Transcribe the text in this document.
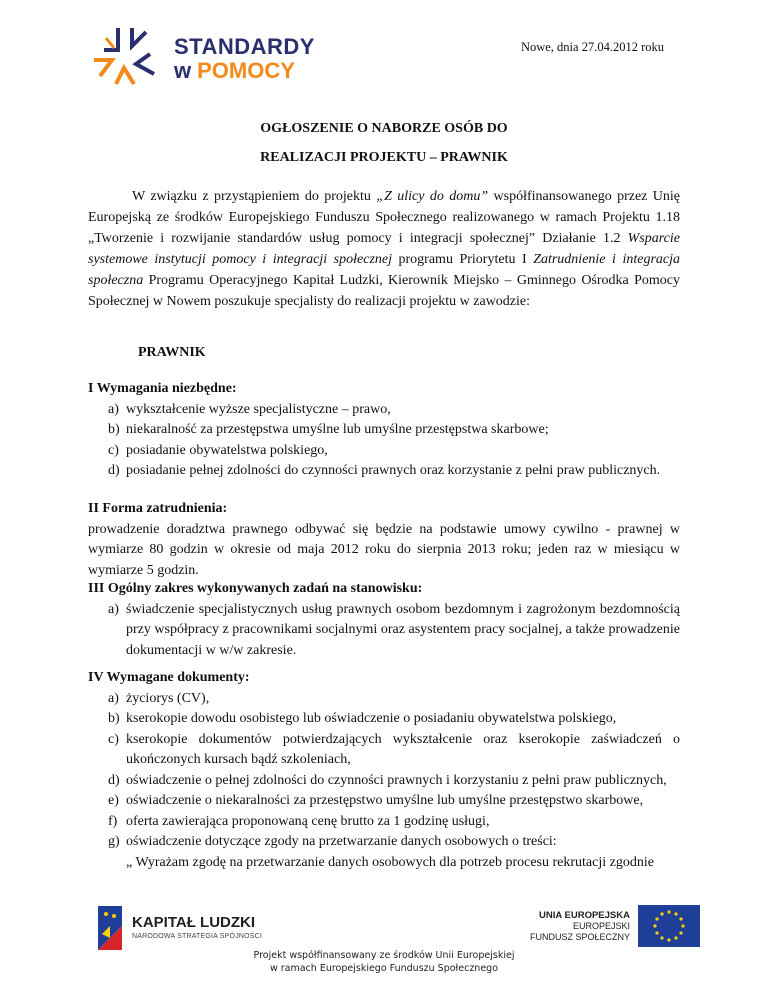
STANDARDY
w POMOCY
Nowe, dnia 27.04.2012 roku
OGŁOSZENIE O NABORZE OSÓB DO
REALIZACJI PROJEKTU – PRAWNIK
W związku z przystąpieniem do projektu „Z ulicy do domu” współfinansowanego przez Unię Europejską ze środków Europejskiego Funduszu Społecznego realizowanego w ramach Projektu 1.18 „Tworzenie i rozwijanie standardów usług pomocy i integracji społecznej” Działanie 1.2 Wsparcie systemowe instytucji pomocy i integracji społecznej programu Priorytetu I Zatrudnienie i integracja społeczna Programu Operacyjnego Kapitał Ludzki, Kierownik Miejsko – Gminnego Ośrodka Pomocy Społecznej w Nowem poszukuje specjalisty do realizacji projektu w zawodzie:
PRAWNIK
I Wymagania niezbędne:
a) wykształcenie wyższe specjalistyczne – prawo,
b) niekaralność za przestępstwa umyślne lub umyślne przestępstwa skarbowe;
c) posiadanie obywatelstwa polskiego,
d) posiadanie pełnej zdolności do czynności prawnych oraz korzystanie z pełni praw publicznych.
II Forma zatrudnienia:

prowadzenie doradztwa prawnego odbywać się będzie na podstawie umowy cywilno - prawnej w wymiarze 80 godzin w okresie od maja 2012 roku do sierpnia 2013 roku; jeden raz w miesiącu w wymiarze 5 godzin.

III Ogólny zakres wykonywanych zadań na stanowisku:
a) świadczenie specjalistycznych usług prawnych osobom bezdomnym i zagrożonym bezdomnością przy współpracy z pracownikami socjalnymi oraz asystentem pracy socjalnej, a także prowadzenie dokumentacji w w/w zakresie.
IV Wymagane dokumenty:
a) życiorys (CV),
b) kserokopie dowodu osobistego lub oświadczenie o posiadaniu obywatelstwa polskiego,
c) kserokopie dokumentów potwierdzających wykształcenie oraz kserokopie zaświadczeń o ukończonych kursach bądź szkoleniach,
d) oświadczenie o pełnej zdolności do czynności prawnych i korzystaniu z pełni praw publicznych,
e) oświadczenie o niekaralności za przestępstwo umyślne lub umyślne przestępstwo skarbowe,
f) oferta zawierająca proponowaną cenę brutto za 1 godzinę usługi,
g) oświadczenie dotyczące zgody na przetwarzanie danych osobowych o treści:
„ Wyrażam zgodę na przetwarzanie danych osobowych dla potrzeb procesu rekrutacji zgodnie
KAPITAŁ LUDZKI
NARODOWA STRATEGIA SPÓJNOŚCI
UNIA EUROPEJSKA
EUROPEJSKI
FUNDUSZ SPOŁECZNY
Projekt współfinansowany ze środków Unii Europejskiej
w ramach Europejskiego Funduszu Społecznego
